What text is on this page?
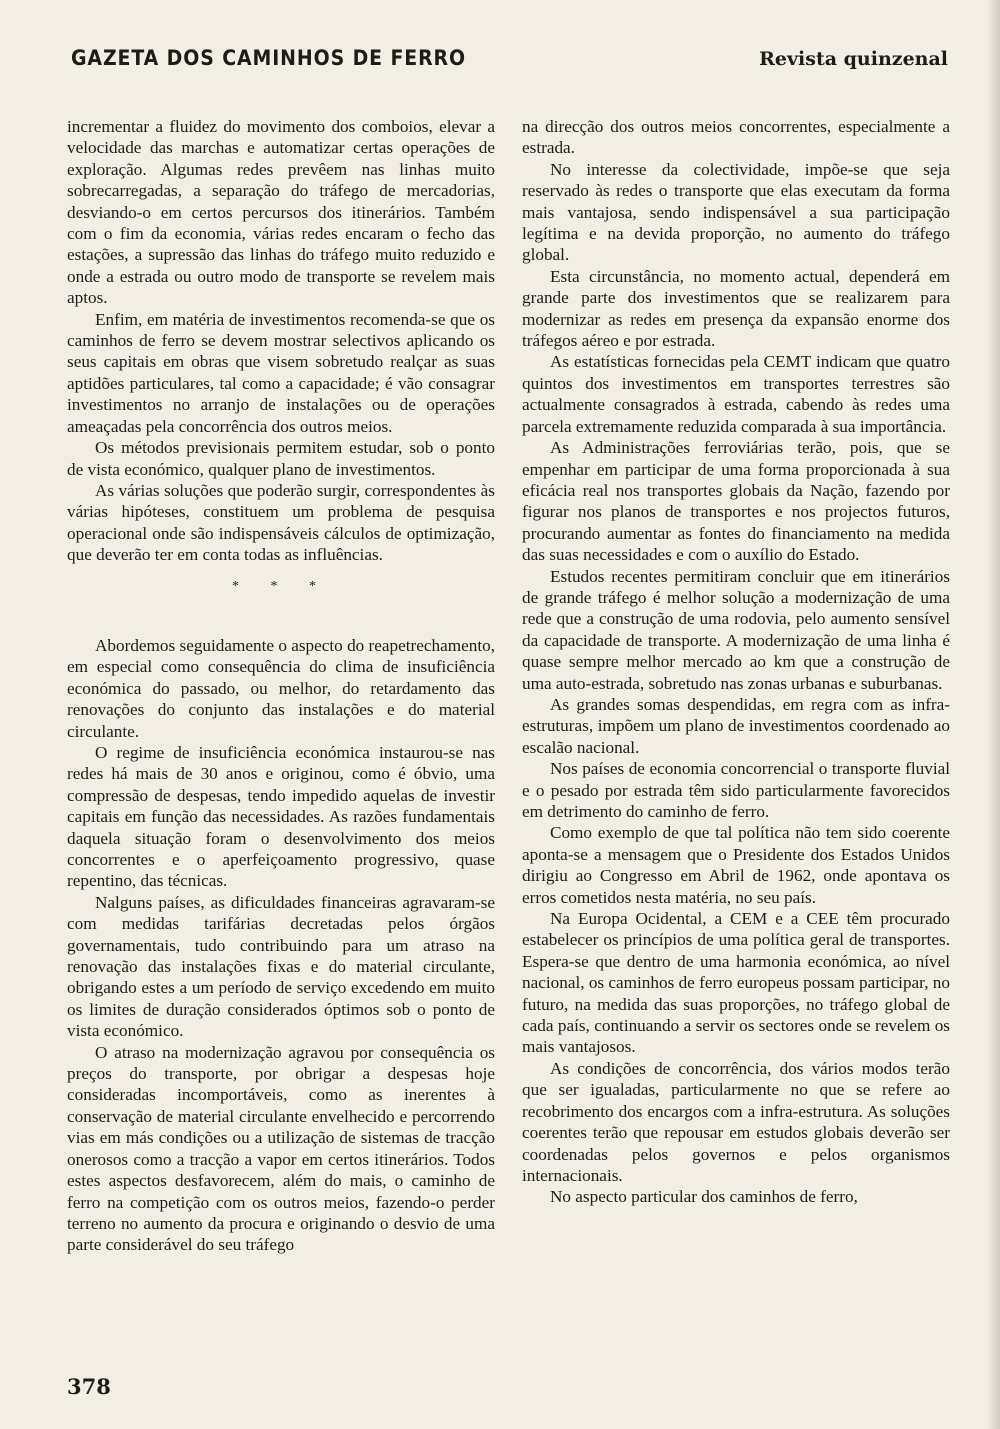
GAZETA DOS CAMINHOS DE FERRO	Revista quinzenal

incrementar a fluidez do movimento dos comboios, elevar a velocidade das marchas e automatizar certas operações de exploração. Algumas redes prevêem nas linhas muito sobrecarregadas, a separação do tráfego de mercadorias, desviando-o em certos percursos dos itinerários. Também com o fim da economia, várias redes encaram o fecho das estações, a supressão das linhas do tráfego muito reduzido e onde a estrada ou outro modo de transporte se revelem mais aptos.

Enfim, em matéria de investimentos recomenda-se que os caminhos de ferro se devem mostrar selectivos aplicando os seus capitais em obras que visem sobretudo realçar as suas aptidões particulares, tal como a capacidade; é vão consagrar investimentos no arranjo de instalações ou de operações ameaçadas pela concorrência dos outros meios.

Os métodos previsionais permitem estudar, sob o ponto de vista económico, qualquer plano de investimentos.

As várias soluções que poderão surgir, correspondentes às várias hipóteses, constituem um problema de pesquisa operacional onde são indispensáveis cálculos de optimização, que deverão ter em conta todas as influências.

* * *

Abordemos seguidamente o aspecto do reapetrechamento, em especial como consequência do clima de insuficiência económica do passado, ou melhor, do retardamento das renovações do conjunto das instalações e do material circulante.

O regime de insuficiência económica instaurou-se nas redes há mais de 30 anos e originou, como é óbvio, uma compressão de despesas, tendo impedido aquelas de investir capitais em função das necessidades. As razões fundamentais daquela situação foram o desenvolvimento dos meios concorrentes e o aperfeiçoamento progressivo, quase repentino, das técnicas.

Nalguns países, as dificuldades financeiras agravaram-se com medidas tarifárias decretadas pelos órgãos governamentais, tudo contribuindo para um atraso na renovação das instalações fixas e do material circulante, obrigando estes a um período de serviço excedendo em muito os limites de duração considerados óptimos sob o ponto de vista económico.

O atraso na modernização agravou por consequência os preços do transporte, por obrigar a despesas hoje consideradas incomportáveis, como as inerentes à conservação de material circulante envelhecido e percorrendo vias em más condições ou a utilização de sistemas de tracção onerosos como a tracção a vapor em certos itinerários. Todos estes aspectos desfavorecem, além do mais, o caminho de ferro na competição com os outros meios, fazendo-o perder terreno no aumento da procura e originando o desvio de uma parte considerável do seu tráfego

na direcção dos outros meios concorrentes, especialmente a estrada.

No interesse da colectividade, impõe-se que seja reservado às redes o transporte que elas executam da forma mais vantajosa, sendo indispensável a sua participação legítima e na devida proporção, no aumento do tráfego global.

Esta circunstância, no momento actual, dependerá em grande parte dos investimentos que se realizarem para modernizar as redes em presença da expansão enorme dos tráfegos aéreo e por estrada.

As estatísticas fornecidas pela CEMT indicam que quatro quintos dos investimentos em transportes terrestres são actualmente consagrados à estrada, cabendo às redes uma parcela extremamente reduzida comparada à sua importância.

As Administrações ferroviárias terão, pois, que se empenhar em participar de uma forma proporcionada à sua eficácia real nos transportes globais da Nação, fazendo por figurar nos planos de transportes e nos projectos futuros, procurando aumentar as fontes do financiamento na medida das suas necessidades e com o auxílio do Estado.

Estudos recentes permitiram concluir que em itinerários de grande tráfego é melhor solução a modernização de uma rede que a construção de uma rodovia, pelo aumento sensível da capacidade de transporte. A modernização de uma linha é quase sempre melhor mercado ao km que a construção de uma auto-estrada, sobretudo nas zonas urbanas e suburbanas.

As grandes somas despendidas, em regra com as infra-estruturas, impõem um plano de investimentos coordenado ao escalão nacional.

Nos países de economia concorrencial o transporte fluvial e o pesado por estrada têm sido particularmente favorecidos em detrimento do caminho de ferro.

Como exemplo de que tal política não tem sido coerente aponta-se a mensagem que o Presidente dos Estados Unidos dirigiu ao Congresso em Abril de 1962, onde apontava os erros cometidos nesta matéria, no seu país.

Na Europa Ocidental, a CEM e a CEE têm procurado estabelecer os princípios de uma política geral de transportes. Espera-se que dentro de uma harmonia económica, ao nível nacional, os caminhos de ferro europeus possam participar, no futuro, na medida das suas proporções, no tráfego global de cada país, continuando a servir os sectores onde se revelem os mais vantajosos.

As condições de concorrência, dos vários modos terão que ser igualadas, particularmente no que se refere ao recobrimento dos encargos com a infra-estrutura. As soluções coerentes terão que repousar em estudos globais deverão ser coordenadas pelos governos e pelos organismos internacionais.

No aspecto particular dos caminhos de ferro,

378
